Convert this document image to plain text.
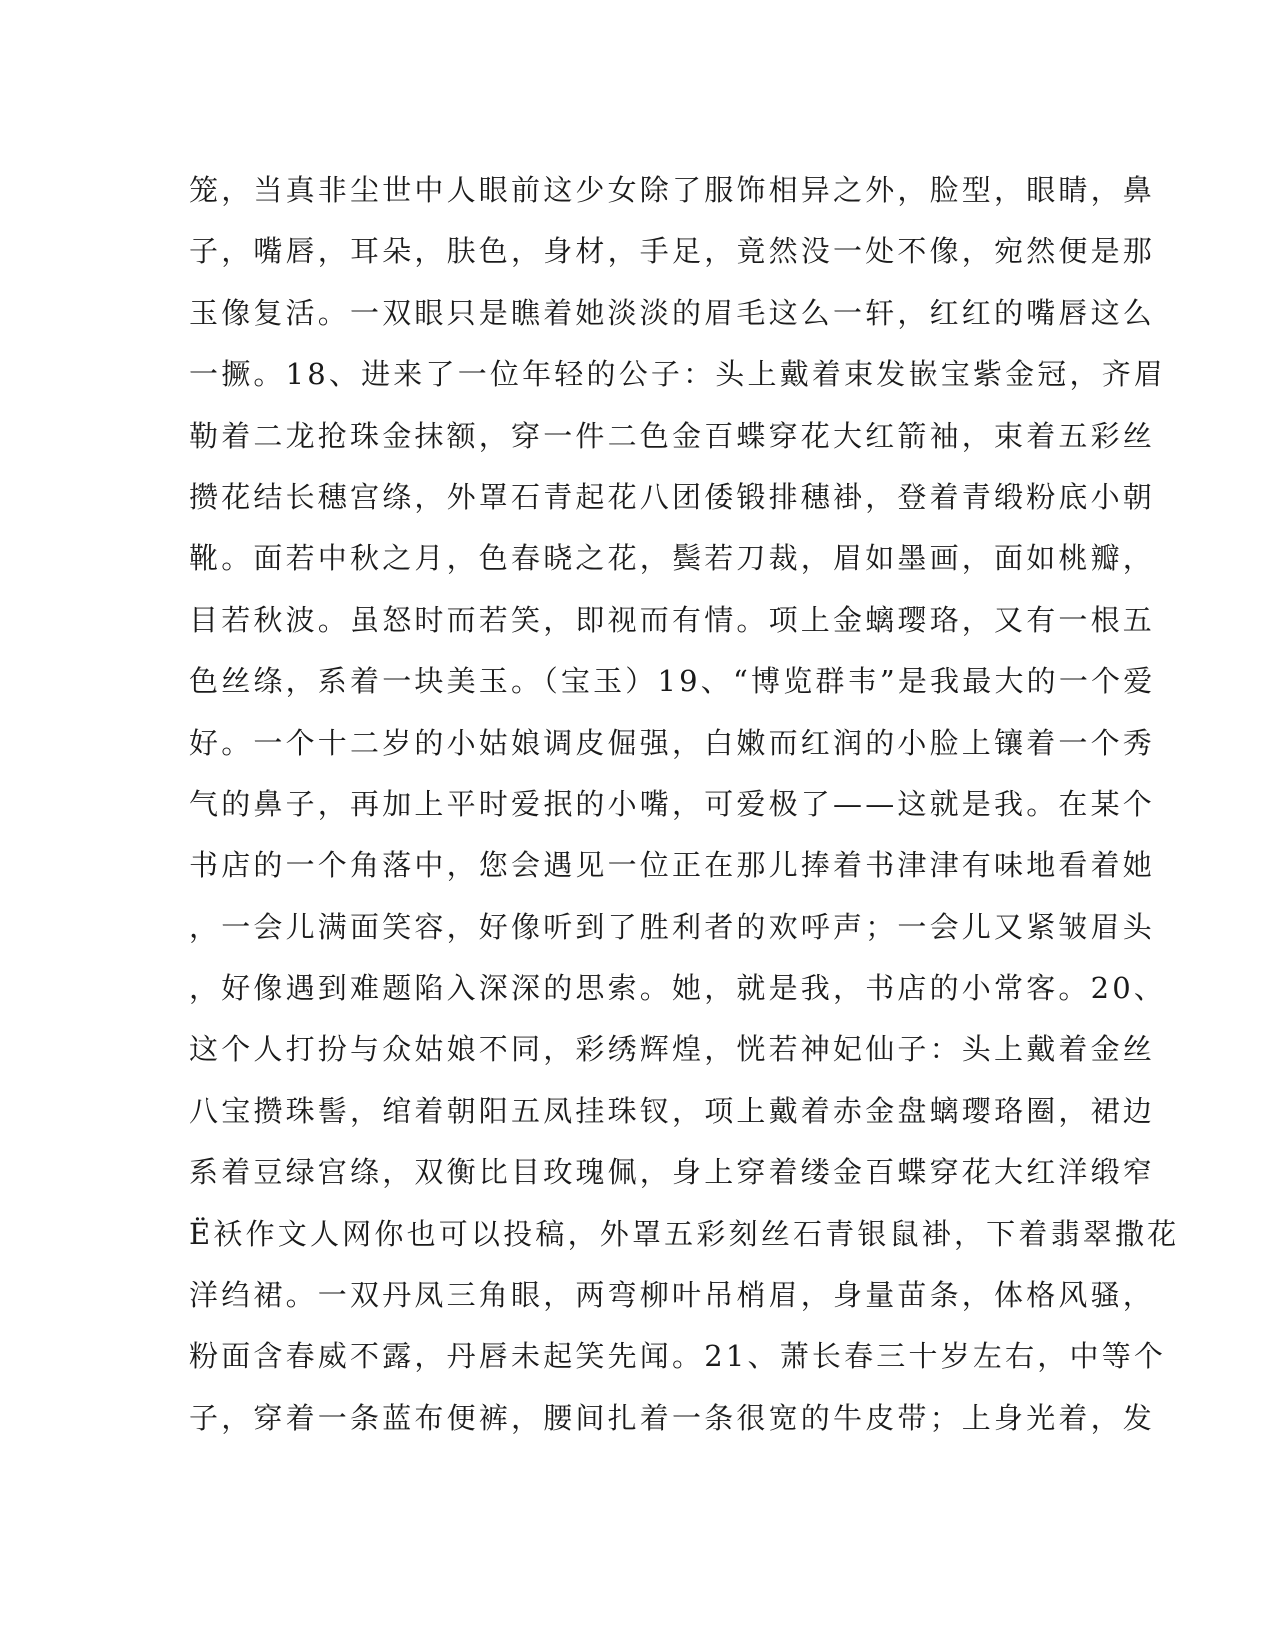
笼，当真非尘世中人眼前这少女除了服饰相异之外，脸型，眼睛，鼻
子，嘴唇，耳朵，肤色，身材，手足，竟然没一处不像，宛然便是那
玉像复活。一双眼只是瞧着她淡淡的眉毛这么一轩，红红的嘴唇这么
一撅。18、进来了一位年轻的公子：头上戴着束发嵌宝紫金冠，齐眉
勒着二龙抢珠金抹额，穿一件二色金百蝶穿花大红箭袖，束着五彩丝
攒花结长穗宫绦，外罩石青起花八团倭锻排穗褂，登着青缎粉底小朝
靴。面若中秋之月，色春晓之花，鬓若刀裁，眉如墨画，面如桃瓣，
目若秋波。虽怒时而若笑，即视而有情。项上金螭璎珞，又有一根五
色丝绦，系着一块美玉。（宝玉）19、“博览群韦”是我最大的一个爱
好。一个十二岁的小姑娘调皮倔强，白嫩而红润的小脸上镶着一个秀
气的鼻子，再加上平时爱抿的小嘴，可爱极了——这就是我。在某个
书店的一个角落中，您会遇见一位正在那儿捧着书津津有味地看着她
，一会儿满面笑容，好像听到了胜利者的欢呼声；一会儿又紧皱眉头
，好像遇到难题陷入深深的思索。她，就是我，书店的小常客。20、
这个人打扮与众姑娘不同，彩绣辉煌，恍若神妃仙子：头上戴着金丝
八宝攒珠髻，绾着朝阳五凤挂珠钗，项上戴着赤金盘螭璎珞圈，裙边
系着豆绿宫绦，双衡比目玫瑰佩，身上穿着缕金百蝶穿花大红洋缎窄
Ё袄作文人网你也可以投稿，外罩五彩刻丝石青银鼠褂，下着翡翠撒花
洋绉裙。一双丹凤三角眼，两弯柳叶吊梢眉，身量苗条，体格风骚，
粉面含春威不露，丹唇未起笑先闻。21、萧长春三十岁左右，中等个
子，穿着一条蓝布便裤，腰间扎着一条很宽的牛皮带；上身光着，发
